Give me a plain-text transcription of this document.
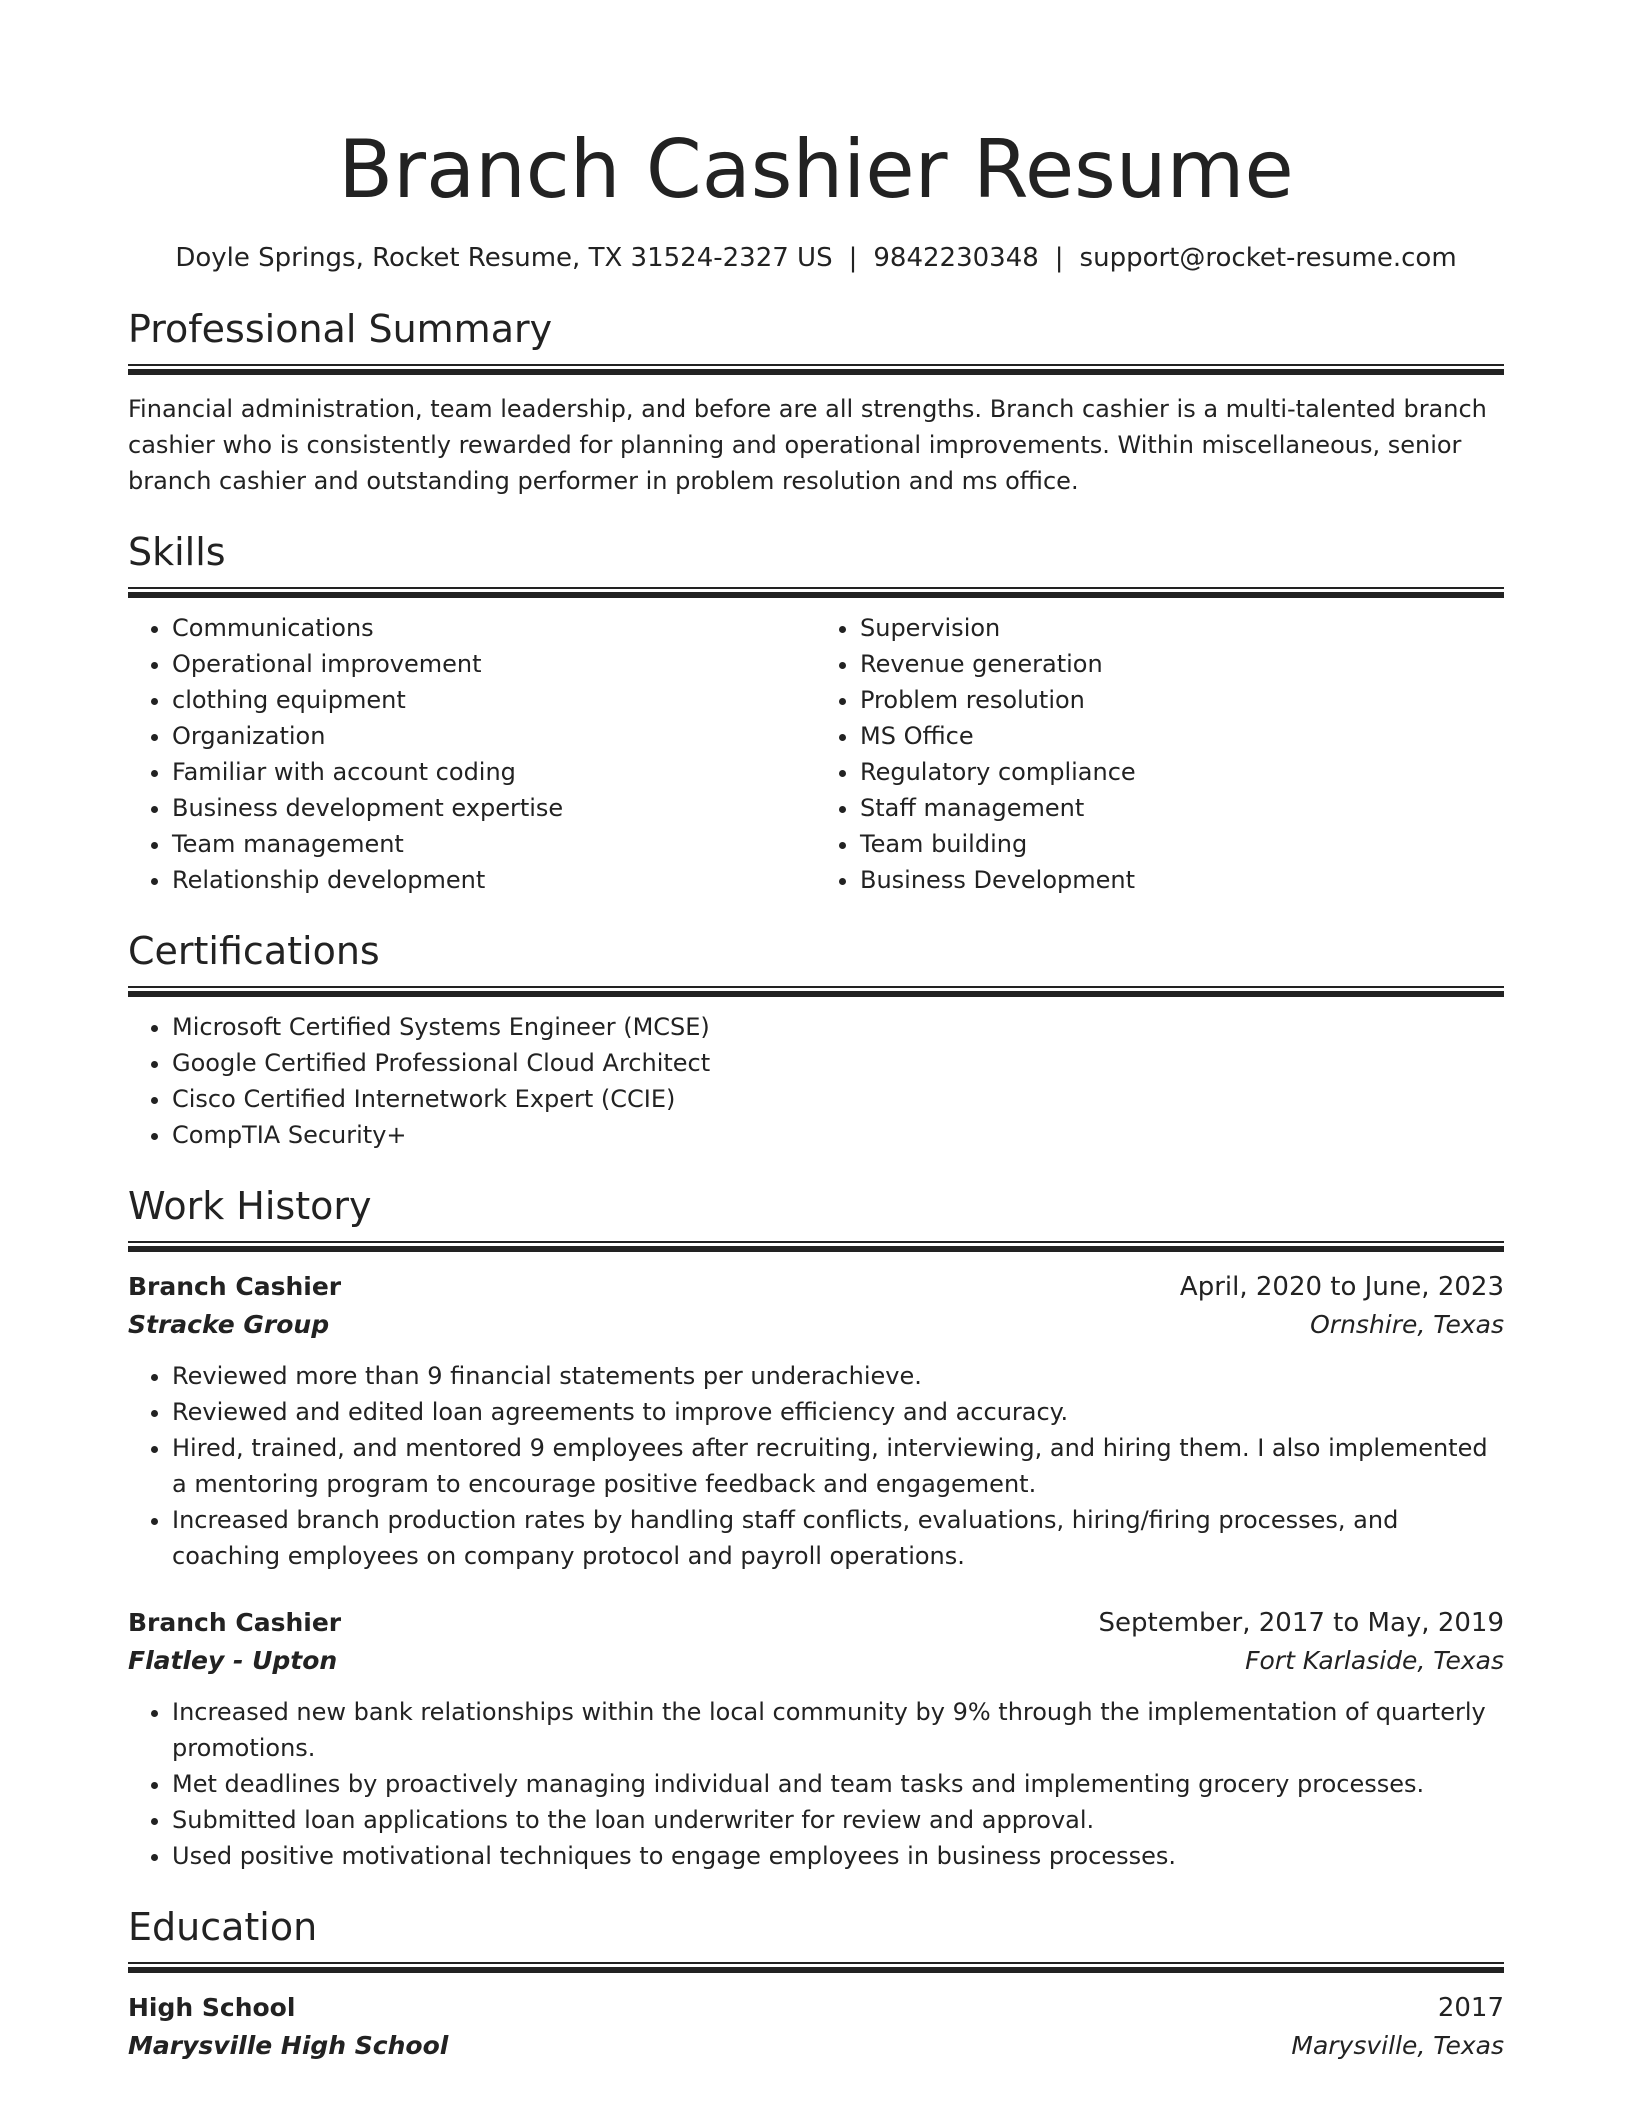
Branch Cashier Resume
Doyle Springs, Rocket Resume, TX 31524-2327 US | 9842230348 | support@rocket-resume.com
Professional Summary
Financial administration, team leadership, and before are all strengths. Branch cashier is a multi-talented branch cashier who is consistently rewarded for planning and operational improvements. Within miscellaneous, senior branch cashier and outstanding performer in problem resolution and ms office.
Skills
• Communications
• Operational improvement
• clothing equipment
• Organization
• Familiar with account coding
• Business development expertise
• Team management
• Relationship development
• Supervision
• Revenue generation
• Problem resolution
• MS Office
• Regulatory compliance
• Staff management
• Team building
• Business Development
Certifications
• Microsoft Certified Systems Engineer (MCSE)
• Google Certified Professional Cloud Architect
• Cisco Certified Internetwork Expert (CCIE)
• CompTIA Security+
Work History
Branch Cashier	April, 2020 to June, 2023
Stracke Group	Ornshire, Texas
• Reviewed more than 9 financial statements per underachieve.
• Reviewed and edited loan agreements to improve efficiency and accuracy.
• Hired, trained, and mentored 9 employees after recruiting, interviewing, and hiring them. I also implemented a mentoring program to encourage positive feedback and engagement.
• Increased branch production rates by handling staff conflicts, evaluations, hiring/firing processes, and coaching employees on company protocol and payroll operations.
Branch Cashier	September, 2017 to May, 2019
Flatley - Upton	Fort Karlaside, Texas
• Increased new bank relationships within the local community by 9% through the implementation of quarterly promotions.
• Met deadlines by proactively managing individual and team tasks and implementing grocery processes.
• Submitted loan applications to the loan underwriter for review and approval.
• Used positive motivational techniques to engage employees in business processes.
Education
High School	2017
Marysville High School	Marysville, Texas
